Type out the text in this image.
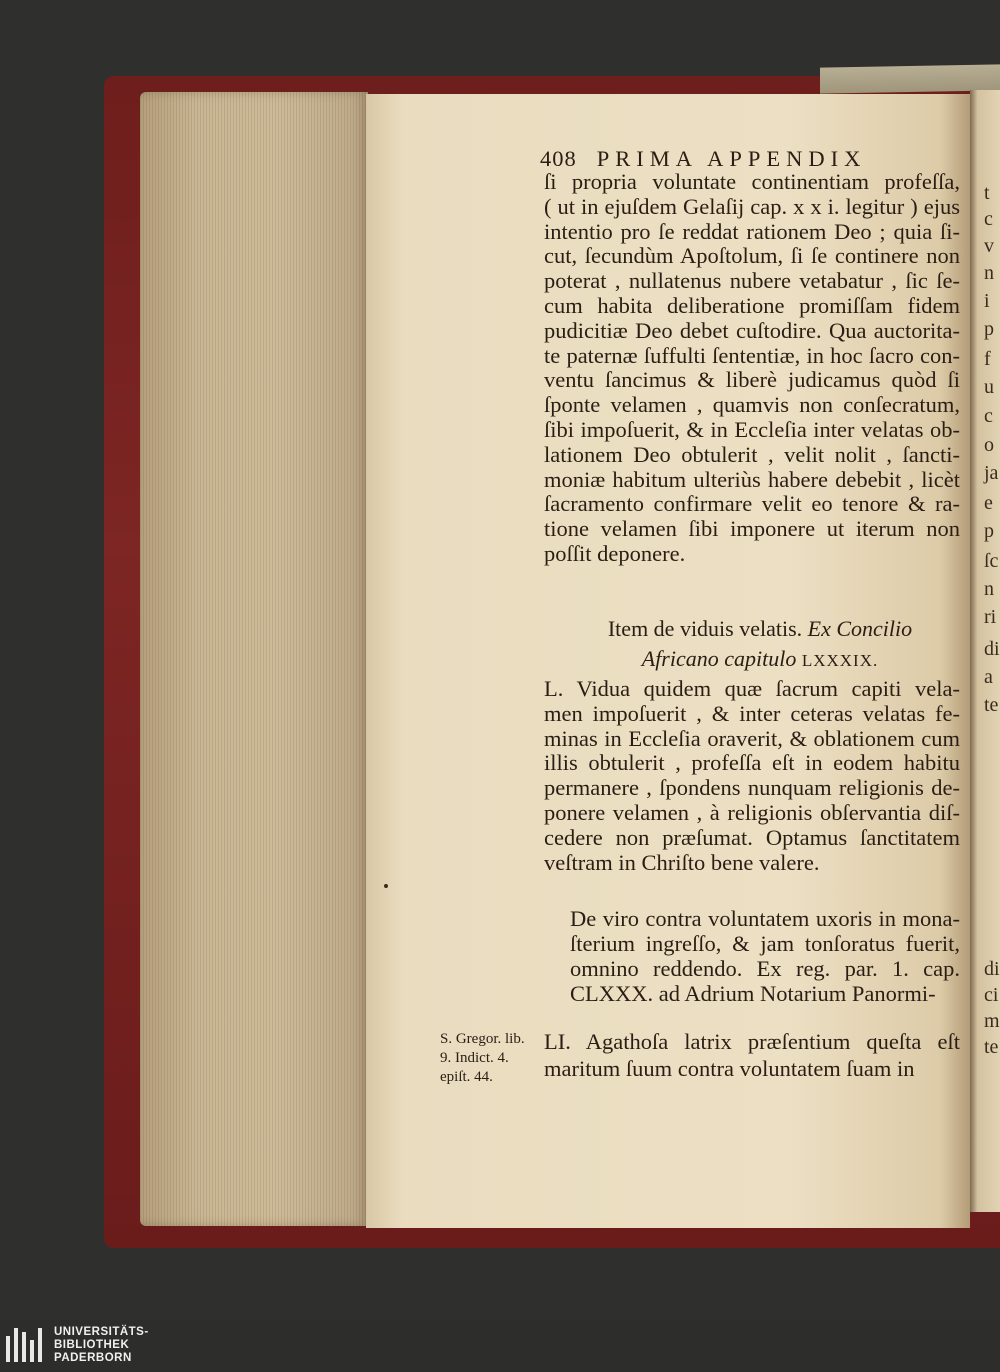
t
c
v
n
i
p
f
u
c
o
ja
e
p
ſc
n
ri
di
a
te
di
ci
m
te
408 PRIMA APPENDIX
ſi propria voluntate continentiam profeſſa,
( ut in ejuſdem Gelaſij cap. x x i. legitur ) ejus
intentio pro ſe reddat rationem Deo ; quia ſi-
cut, ſecundùm Apoſtolum, ſi ſe continere non
poterat , nullatenus nubere vetabatur , ſic ſe-
cum habita deliberatione promiſſam fidem
pudicitiæ Deo debet cuſtodire. Qua auctorita-
te paternæ ſuffulti ſententiæ, in hoc ſacro con-
ventu ſancimus & liberè judicamus quòd ſi
ſponte velamen , quamvis non conſecratum,
ſibi impoſuerit, & in Eccleſia inter velatas ob-
lationem Deo obtulerit , velit nolit , ſancti-
moniæ habitum ulteriùs habere debebit , licèt
ſacramento confirmare velit eo tenore & ra-
tione velamen ſibi imponere ut iterum non
poſſit deponere.
Item de viduis velatis. Ex Concilio
Africano capitulo LXXXIX.
L. Vidua quidem quæ ſacrum capiti vela-
men impoſuerit , & inter ceteras velatas fe-
minas in Eccleſia oraverit, & oblationem cum
illis obtulerit , profeſſa eſt in eodem habitu
permanere , ſpondens nunquam religionis de-
ponere velamen , à religionis obſervantia diſ-
cedere non præſumat. Optamus ſanctitatem
veſtram in Chriſto bene valere.
De viro contra voluntatem uxoris in mona-
ſterium ingreſſo, & jam tonſoratus fuerit,
omnino reddendo. Ex reg. par. 1. cap.
CLXXX. ad Adrium Notarium Panormi-
LI. Agathoſa latrix præſentium queſta eſt
maritum ſuum contra voluntatem ſuam in
S. Gregor. lib.
9. Indict. 4.
epiſt. 44.
UNIVERSITÄTS-
BIBLIOTHEK
PADERBORN
